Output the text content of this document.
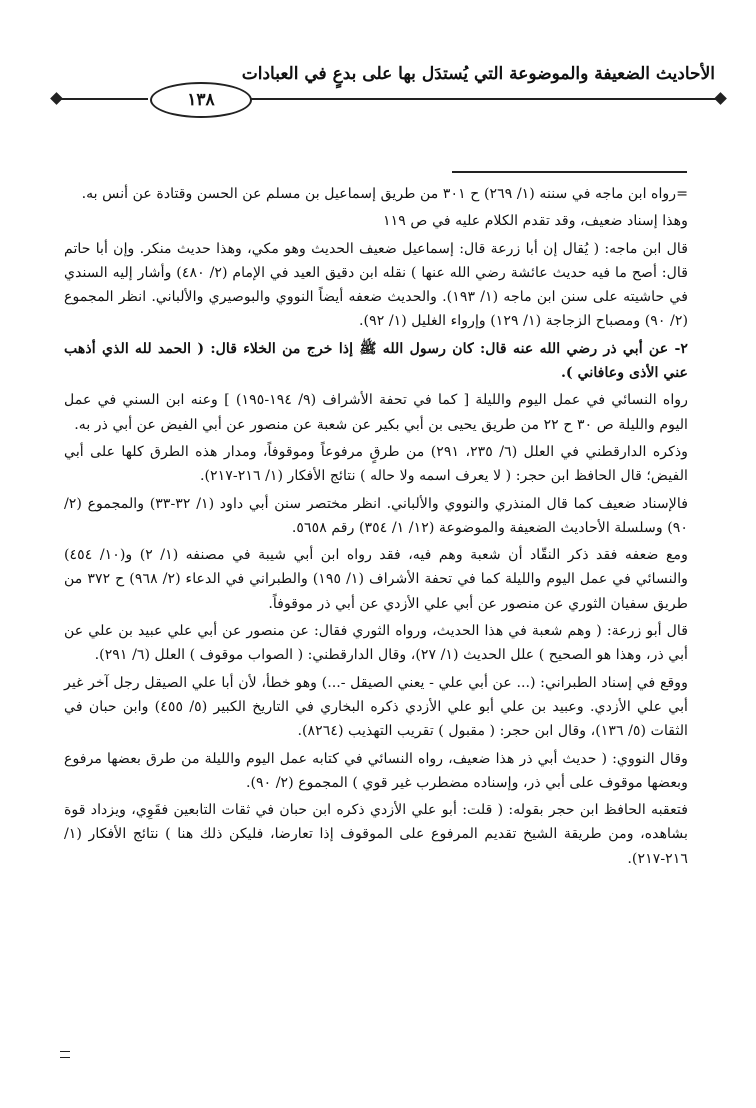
١٣٨
الأحاديث الضعيفة والموضوعة التي يُستدَل بها على بدعٍ في العبادات

=رواه ابن ماجه في سننه (١/ ٢٦٩) ح ٣٠١ من طريق إسماعيل بن مسلم عن الحسن وقتادة عن أنس به.

وهذا إسناد ضعيف، وقد تقدم الكلام عليه في ص ١١٩

قال ابن ماجه: ( يُقال إن أبا زرعة قال: إسماعيل ضعيف الحديث وهو مكي، وهذا حديث منكر. وإن أبا حاتم قال: أصح ما فيه حديث عائشة رضي الله عنها ) نقله ابن دقيق العيد في الإمام (٢/ ٤٨٠) وأشار إليه السندي في حاشيته على سنن ابن ماجه (١/ ١٩٣). والحديث ضعفه أيضاً النووي والبوصيري والألباني. انظر المجموع (٢/ ٩٠) ومصباح الزجاجة (١/ ١٢٩) وإرواء الغليل (١/ ٩٢).

٢- عن أبي ذر رضي الله عنه قال: كان رسول الله ﷺ إذا خرج من الخلاء قال: ( الحمد لله الذي أذهب عني الأذى وعافاني ).

رواه النسائي في عمل اليوم والليلة [ كما في تحفة الأشراف (٩/ ١٩٤-١٩٥) ] وعنه ابن السني في عمل اليوم والليلة ص ٣٠ ح ٢٢ من طريق يحيى بن أبي بكير عن شعبة عن منصور عن أبي الفيض عن أبي ذر به.

وذكره الدارقطني في العلل (٦/ ٢٣٥، ٢٩١) من طرقٍ مرفوعاً وموقوفاً، ومدار هذه الطرق كلها على أبي الفيض؛ قال الحافظ ابن حجر: ( لا يعرف اسمه ولا حاله ) نتائج الأفكار (١/ ٢١٦-٢١٧).

فالإسناد ضعيف كما قال المنذري والنووي والألباني. انظر مختصر سنن أبي داود (١/ ٣٢-٣٣) والمجموع (٢/ ٩٠) وسلسلة الأحاديث الضعيفة والموضوعة (١٢/ ١/ ٣٥٤) رقم ٥٦٥٨.

ومع ضعفه فقد ذكر النقّاد أن شعبة وهم فيه، فقد رواه ابن أبي شيبة في مصنفه (١/ ٢) و(١٠/ ٤٥٤) والنسائي في عمل اليوم والليلة كما في تحفة الأشراف (١/ ١٩٥) والطبراني في الدعاء (٢/ ٩٦٨) ح ٣٧٢ من طريق سفيان الثوري عن منصور عن أبي علي الأزدي عن أبي ذر موقوفاً.

قال أبو زرعة: ( وهم شعبة في هذا الحديث، ورواه الثوري فقال: عن منصور عن أبي علي عبيد بن علي عن أبي ذر، وهذا هو الصحيح ) علل الحديث (١/ ٢٧)، وقال الدارقطني: ( الصواب موقوف ) العلل (٦/ ٢٩١).

ووقع في إسناد الطبراني: (... عن أبي علي - يعني الصيقل -...) وهو خطأ، لأن أبا علي الصيقل رجل آخر غير أبي علي الأزدي. وعبيد بن علي أبو علي الأزدي ذكره البخاري في التاريخ الكبير (٥/ ٤٥٥) وابن حبان في الثقات (٥/ ١٣٦)، وقال ابن حجر: ( مقبول ) تقريب التهذيب (٨٢٦٤).

وقال النووي: ( حديث أبي ذر هذا ضعيف، رواه النسائي في كتابه عمل اليوم والليلة من طرق بعضها مرفوع وبعضها موقوف على أبي ذر، وإسناده مضطرب غير قوي ) المجموع (٢/ ٩٠).

فتعقبه الحافظ ابن حجر بقوله: ( قلت: أبو علي الأزدي ذكره ابن حبان في ثقات التابعين فقَوِي، ويزداد قوة بشاهده، ومن طريقة الشيخ تقديم المرفوع على الموقوف إذا تعارضا، فليكن ذلك هنا ) نتائج الأفكار (١/ ٢١٦-٢١٧).
